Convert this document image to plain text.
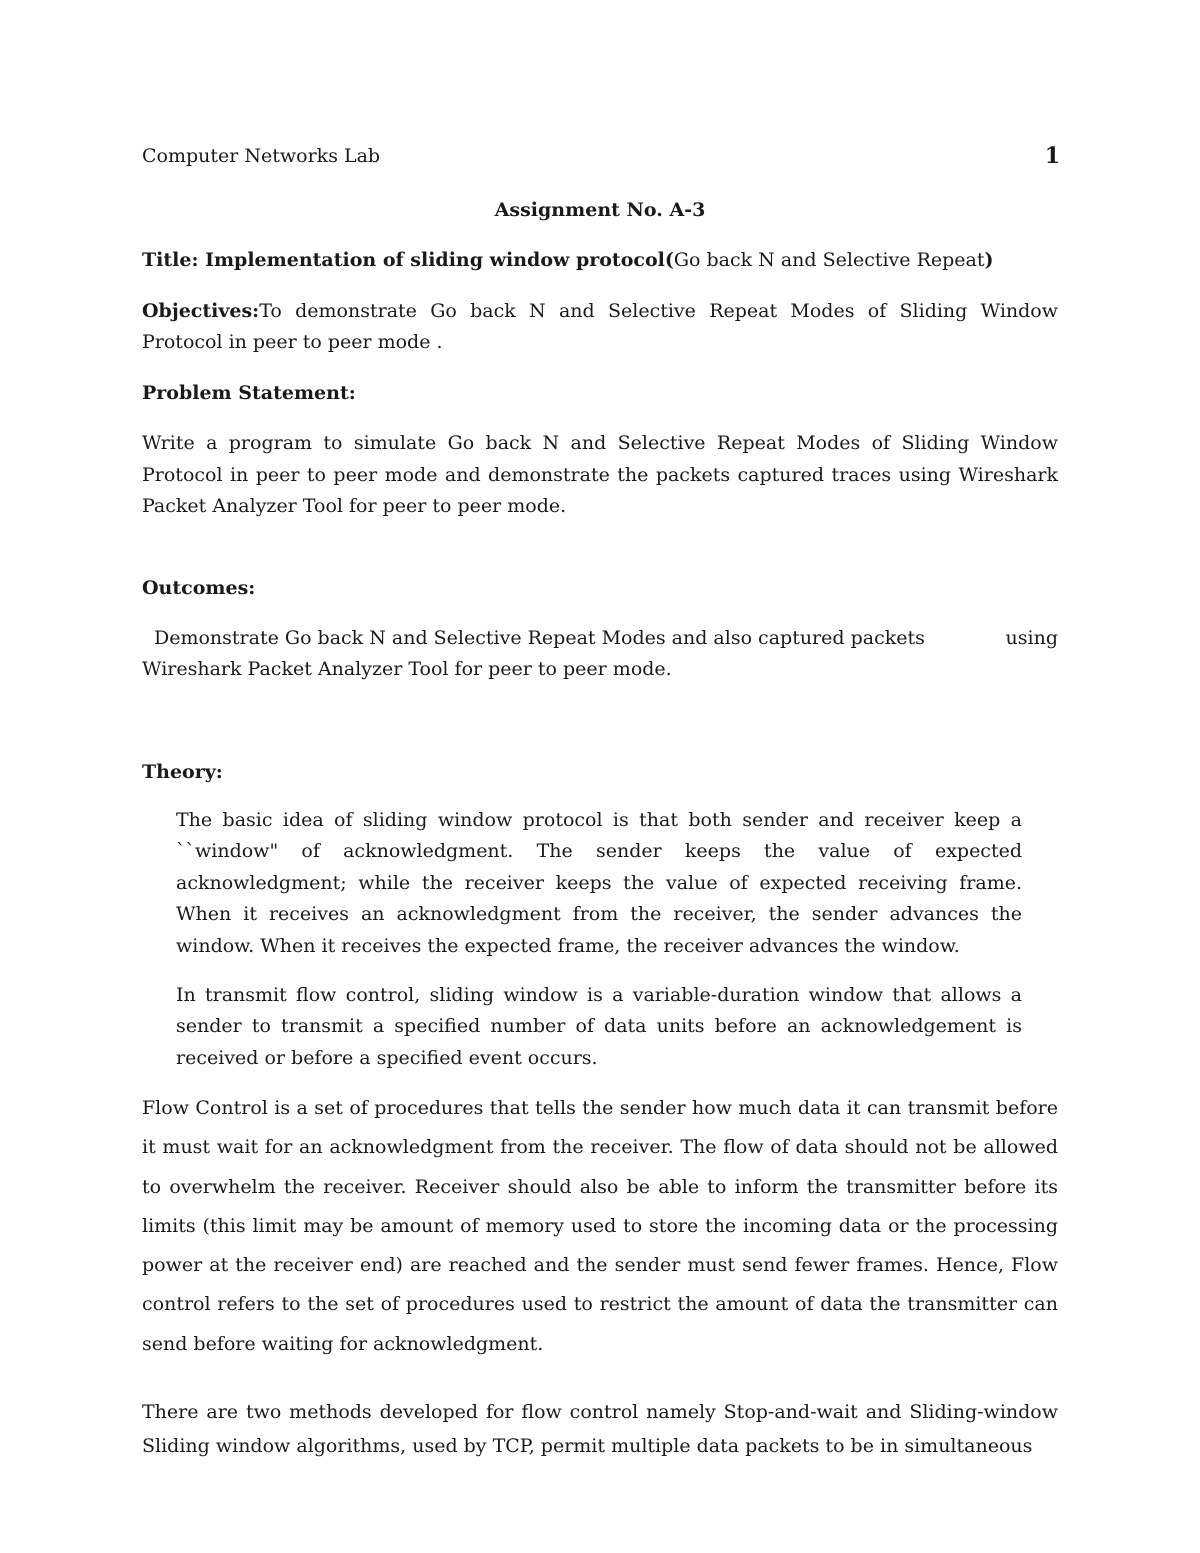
Computer Networks Lab	1
Assignment No. A-3
Title: Implementation of sliding window protocol(Go back N and Selective Repeat)
Objectives:To demonstrate Go back N and Selective Repeat Modes of Sliding Window Protocol in peer to peer mode .
Problem Statement:
Write a program to simulate Go back N and Selective Repeat Modes of Sliding Window Protocol in peer to peer mode and demonstrate the packets captured traces using Wireshark Packet Analyzer Tool for peer to peer mode.
Outcomes:
Demonstrate Go back N and Selective Repeat Modes and also captured packets	using
Wireshark Packet Analyzer Tool for peer to peer mode.
Theory:
The basic idea of sliding window protocol is that both sender and receiver keep a ``window" of acknowledgment. The sender keeps the value of expected acknowledgment; while the receiver keeps the value of expected receiving frame. When it receives an acknowledgment from the receiver, the sender advances the window. When it receives the expected frame, the receiver advances the window.
In transmit flow control, sliding window is a variable-duration window that allows a sender to transmit a specified number of data units before an acknowledgement is received or before a specified event occurs.
Flow Control is a set of procedures that tells the sender how much data it can transmit before it must wait for an acknowledgment from the receiver. The flow of data should not be allowed to overwhelm the receiver. Receiver should also be able to inform the transmitter before its limits (this limit may be amount of memory used to store the incoming data or the processing power at the receiver end) are reached and the sender must send fewer frames. Hence, Flow control refers to the set of procedures used to restrict the amount of data the transmitter can send before waiting for acknowledgment.
There are two methods developed for flow control namely Stop-and-wait and Sliding-window Sliding window algorithms, used by TCP, permit multiple data packets to be in simultaneous
